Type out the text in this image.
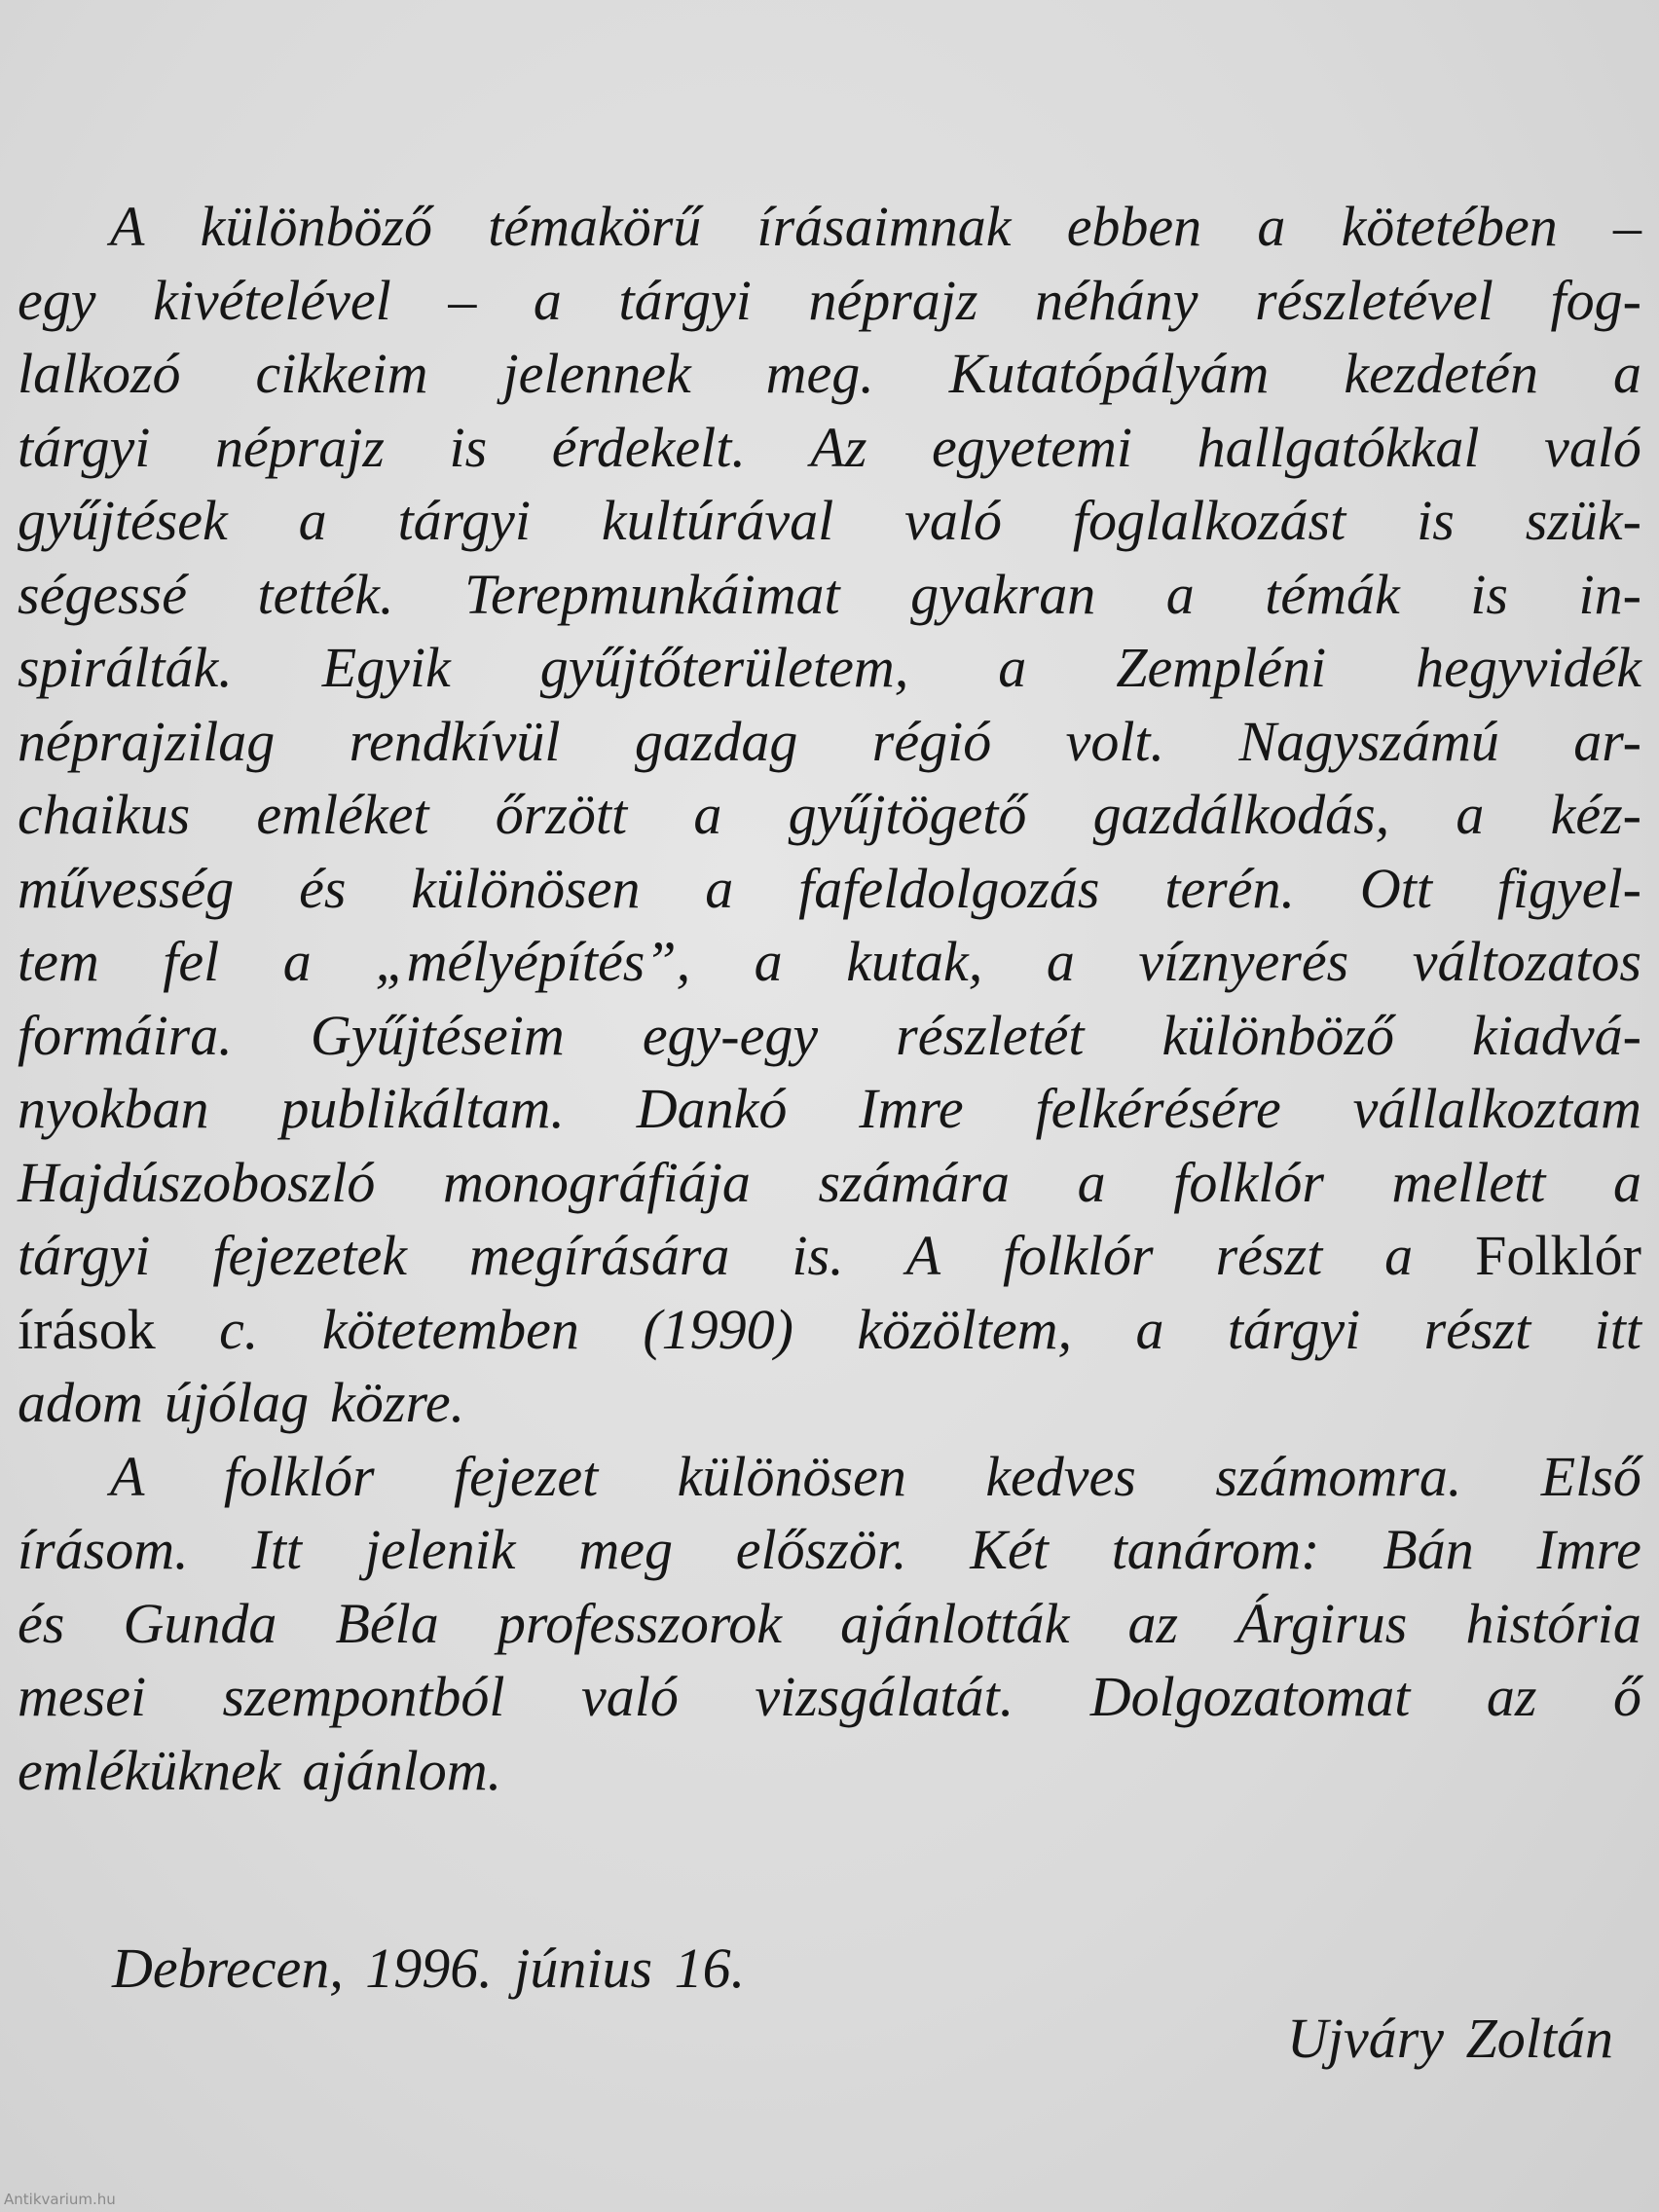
A különböző témakörű írásaimnak ebben a kötetében –
egy kivételével – a tárgyi néprajz néhány részletével fog-
lalkozó cikkeim jelennek meg. Kutatópályám kezdetén a
tárgyi néprajz is érdekelt. Az egyetemi hallgatókkal való
gyűjtések a tárgyi kultúrával való foglalkozást is szük-
ségessé tették. Terepmunkáimat gyakran a témák is in-
spirálták. Egyik gyűjtőterületem, a Zempléni hegyvidék
néprajzilag rendkívül gazdag régió volt. Nagyszámú ar-
chaikus emléket őrzött a gyűjtögető gazdálkodás, a kéz-
művesség és különösen a fafeldolgozás terén. Ott figyel-
tem fel a „mélyépítés”, a kutak, a víznyerés változatos
formáira. Gyűjtéseim egy-egy részletét különböző kiadvá-
nyokban publikáltam. Dankó Imre felkérésére vállalkoztam
Hajdúszoboszló monográfiája számára a folklór mellett a
tárgyi fejezetek megírására is. A folklór részt a Folklór
írások c. kötetemben (1990) közöltem, a tárgyi részt itt
adom újólag közre.
A folklór fejezet különösen kedves számomra. Első
írásom. Itt jelenik meg először. Két tanárom: Bán Imre
és Gunda Béla professzorok ajánlották az Árgirus história
mesei szempontból való vizsgálatát. Dolgozatomat az ő
emléküknek ajánlom.
Debrecen, 1996. június 16.
Ujváry Zoltán
Antikvarium.hu
